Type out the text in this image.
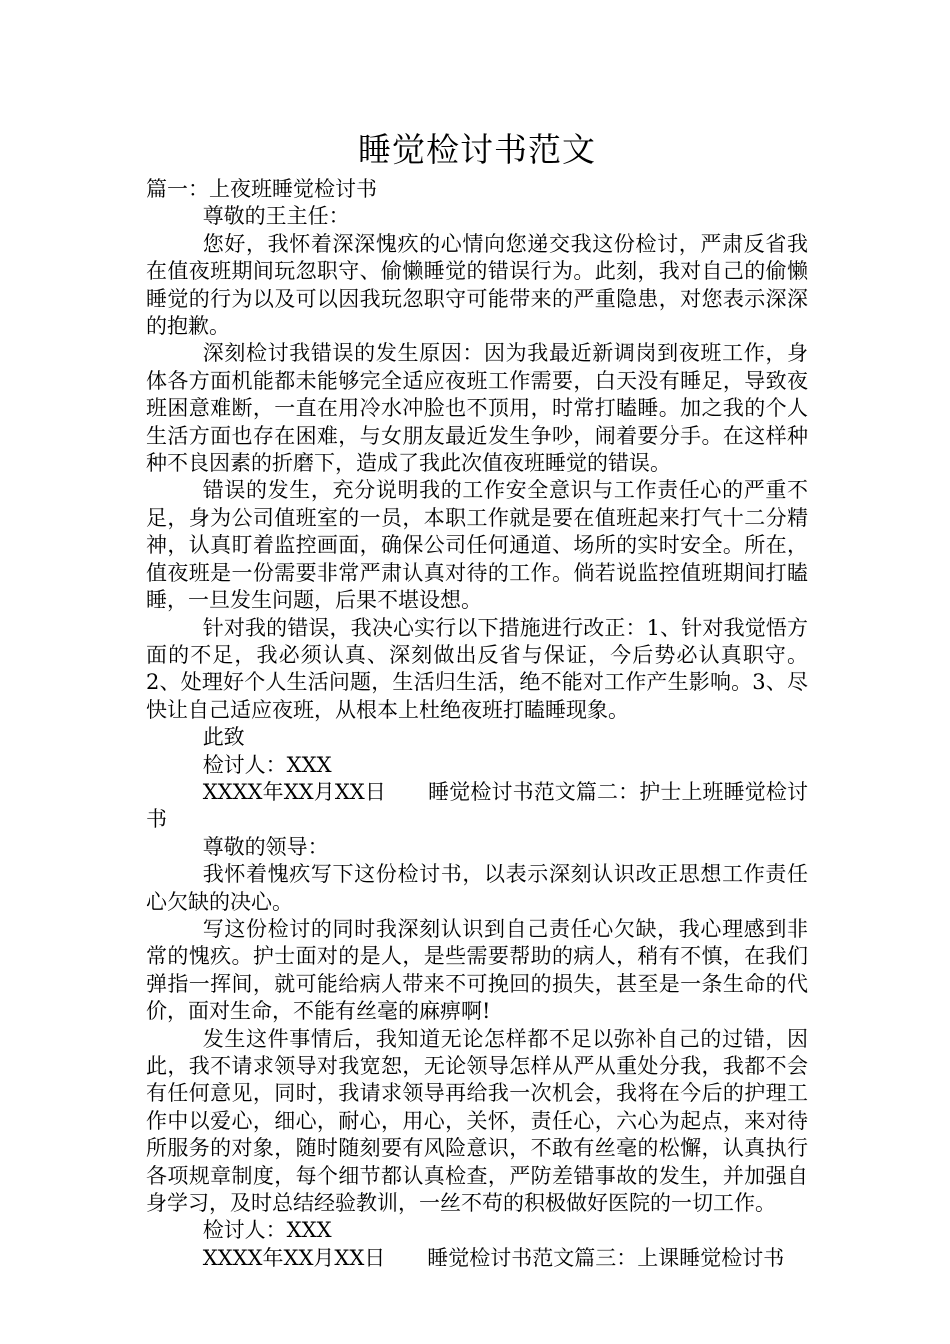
睡觉检讨书范文

篇一：上夜班睡觉检讨书

尊敬的王主任：

您好，我怀着深深愧疚的心情向您递交我这份检讨，严肃反省我在值夜班期间玩忽职守、偷懒睡觉的错误行为。此刻，我对自己的偷懒睡觉的行为以及可以因我玩忽职守可能带来的严重隐患，对您表示深深的抱歉。

深刻检讨我错误的发生原因：因为我最近新调岗到夜班工作，身体各方面机能都未能够完全适应夜班工作需要，白天没有睡足，导致夜班困意难断，一直在用冷水冲脸也不顶用，时常打瞌睡。加之我的个人生活方面也存在困难，与女朋友最近发生争吵，闹着要分手。在这样种种不良因素的折磨下，造成了我此次值夜班睡觉的错误。

错误的发生，充分说明我的工作安全意识与工作责任心的严重不足，身为公司值班室的一员，本职工作就是要在值班起来打气十二分精神，认真盯着监控画面，确保公司任何通道、场所的实时安全。所在，值夜班是一份需要非常严肃认真对待的工作。倘若说监控值班期间打瞌睡，一旦发生问题，后果不堪设想。

针对我的错误，我决心实行以下措施进行改正：1、针对我觉悟方面的不足，我必须认真、深刻做出反省与保证，今后势必认真职守。2、处理好个人生活问题，生活归生活，绝不能对工作产生影响。3、尽快让自己适应夜班，从根本上杜绝夜班打瞌睡现象。

此致

检讨人：XXX

XXXX年XX月XX日　　睡觉检讨书范文篇二：护士上班睡觉检讨书

尊敬的领导：

我怀着愧疚写下这份检讨书，以表示深刻认识改正思想工作责任心欠缺的决心。

写这份检讨的同时我深刻认识到自己责任心欠缺，我心理感到非常的愧疚。护士面对的是人，是些需要帮助的病人，稍有不慎，在我们弹指一挥间，就可能给病人带来不可挽回的损失，甚至是一条生命的代价，面对生命，不能有丝毫的麻痹啊!

发生这件事情后，我知道无论怎样都不足以弥补自己的过错，因此，我不请求领导对我宽恕，无论领导怎样从严从重处分我，我都不会有任何意见，同时，我请求领导再给我一次机会，我将在今后的护理工作中以爱心，细心，耐心，用心，关怀，责任心，六心为起点，来对待所服务的对象，随时随刻要有风险意识，不敢有丝毫的松懈，认真执行各项规章制度，每个细节都认真检查，严防差错事故的发生，并加强自身学习，及时总结经验教训，一丝不苟的积极做好医院的一切工作。

检讨人：XXX

XXXX年XX月XX日　　睡觉检讨书范文篇三：上课睡觉检讨书
